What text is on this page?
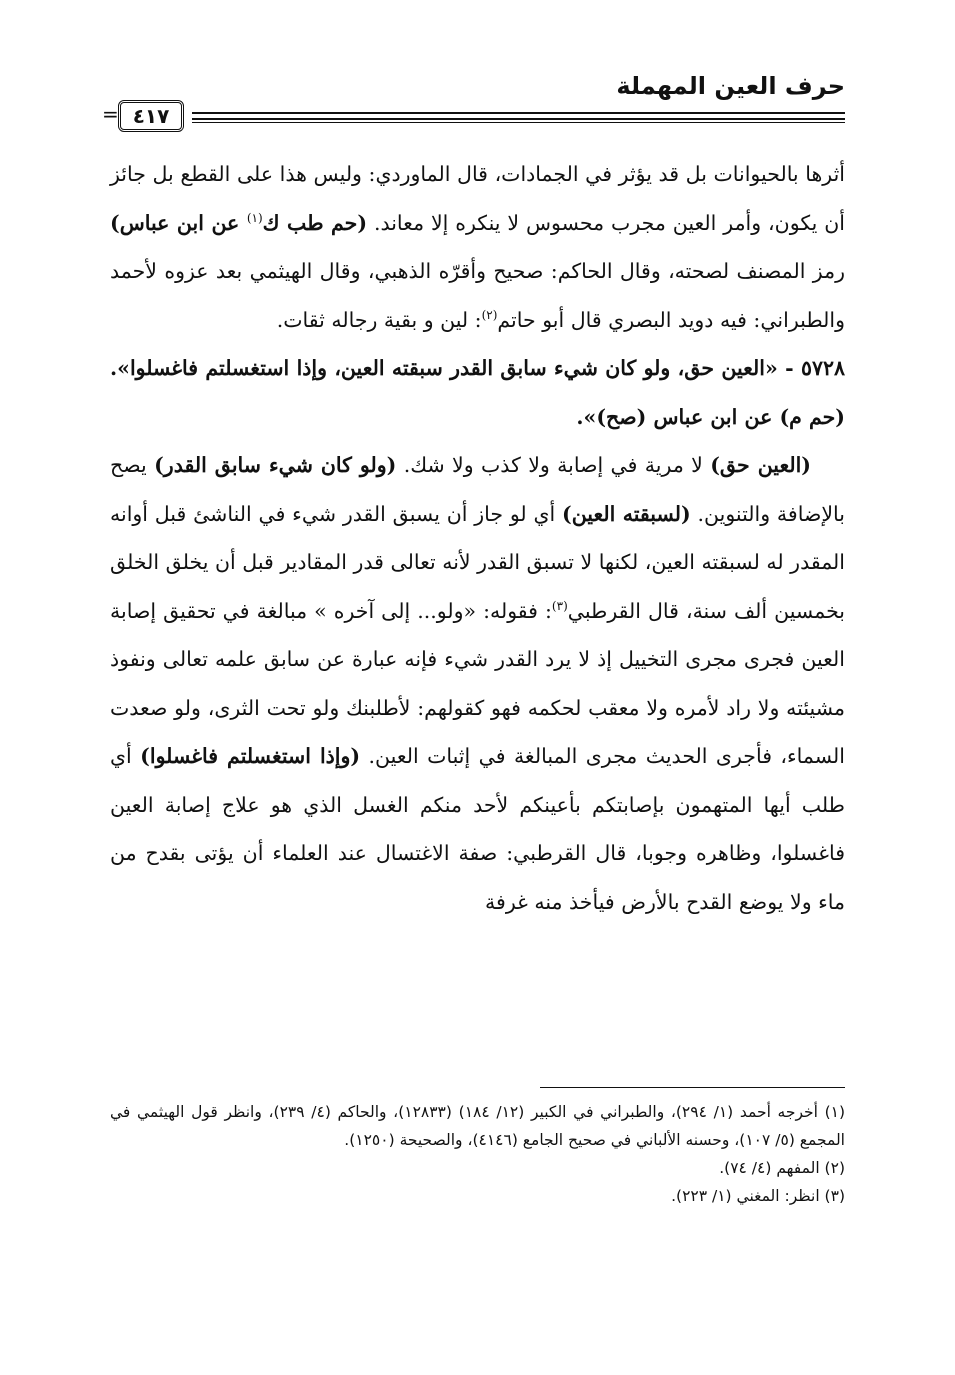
حرف العين المهملة
= ٤١٧

أثرها بالحيوانات بل قد يؤثر في الجمادات، قال الماوردي: وليس هذا على القطع بل جائز أن يكون، وأمر العين مجرب محسوس لا ينكره إلا معاند. (حم طب ك$^{(١)}$ عن ابن عباس) رمز المصنف لصحته، وقال الحاكم: صحيح وأقرّه الذهبي، وقال الهيثمي بعد عزوه لأحمد والطبراني: فيه دويد البصري قال أبو حاتم$^{(٢)}$: لين و بقية رجاله ثقات.

٥٧٢٨ - «العين حق، ولو كان شيء سابق القدر سبقته العين، وإذا استغسلتم فاغسلوا». (حم م) عن ابن عباس (صح)».

(العين حق) لا مرية في إصابة ولا كذب ولا شك. (ولو كان شيء سابق القدر) يصح بالإضافة والتنوين. (لسبقته العين) أي لو جاز أن يسبق القدر شيء في الناشئ قبل أوانه المقدر له لسبقته العين، لكنها لا تسبق القدر لأنه تعالى قدر المقادير قبل أن يخلق الخلق بخمسين ألف سنة، قال القرطبي$^{(٣)}$: فقوله: «ولو... إلى آخره » مبالغة في تحقيق إصابة العين فجرى مجرى التخييل إذ لا يرد القدر شيء فإنه عبارة عن سابق علمه تعالى ونفوذ مشيئته ولا راد لأمره ولا معقب لحكمه فهو كقولهم: لأطلبنك ولو تحت الثرى، ولو صعدت السماء، فأجرى الحديث مجرى المبالغة في إثبات العين. (وإذا استغسلتم فاغسلوا) أي طلب أيها المتهمون بإصابتكم بأعينكم لأحد منكم الغسل الذي هو علاج إصابة العين فاغسلوا، وظاهره وجوبا، قال القرطبي: صفة الاغتسال عند العلماء أن يؤتى بقدح من ماء ولا يوضع القدح بالأرض فيأخذ منه غرفة

(١) أخرجه أحمد (١/ ٢٩٤)، والطبراني في الكبير (١٢/ ١٨٤) (١٢٨٣٣)، والحاكم (٤/ ٢٣٩)، وانظر قول الهيثمي في المجمع (٥/ ١٠٧)، وحسنه الألباني في صحيح الجامع (٤١٤٦)، والصحيحة (١٢٥٠).

(٢) المفهم (٤/ ٧٤).

(٣) انظر: المغني (١/ ٢٢٣).
